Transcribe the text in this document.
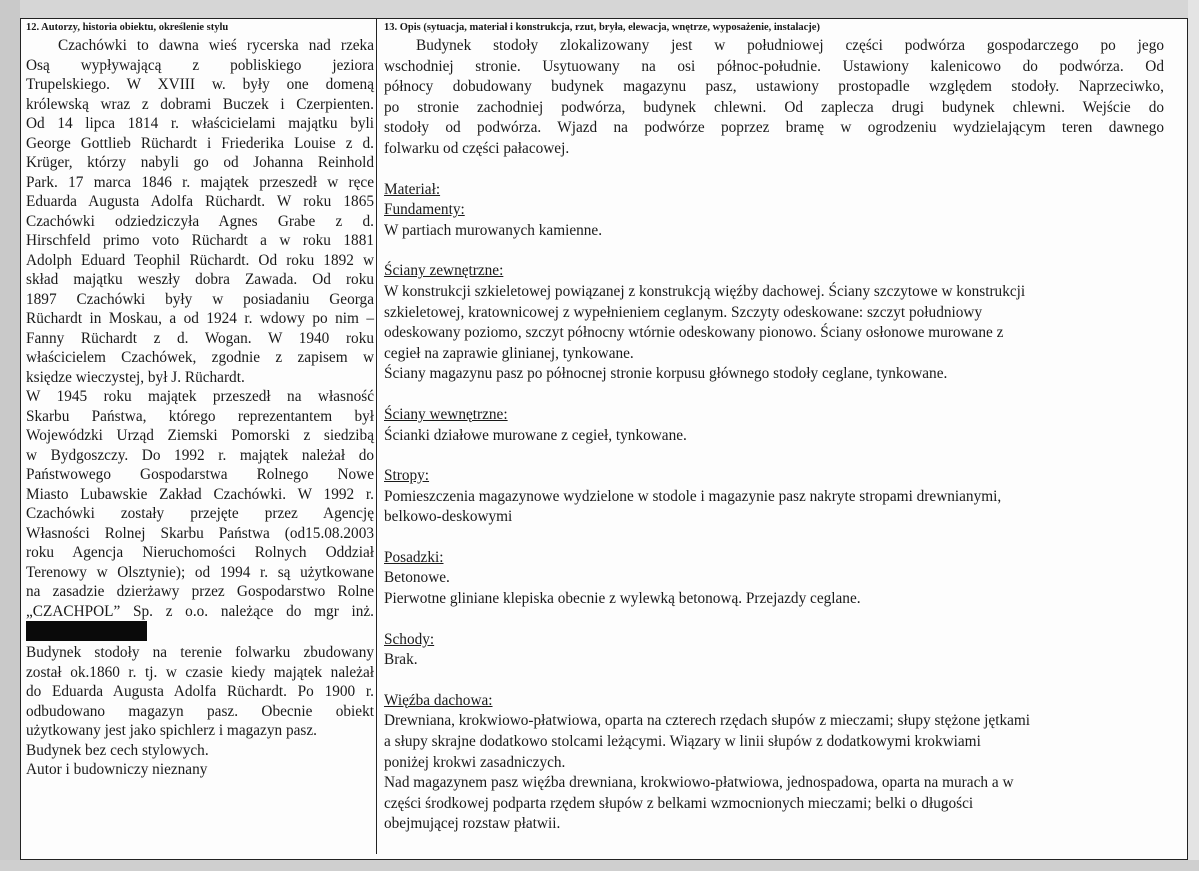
12. Autorzy, historia obiektu, określenie stylu

Czachówki to dawna wieś rycerska nad rzeka
Osą wypływającą z pobliskiego jeziora
Trupelskiego. W XVIII w. były one domeną
królewską wraz z dobrami Buczek i Czerpienten.
Od 14 lipca 1814 r. właścicielami majątku byli
George Gottlieb Rüchardt i Friederika Louise z d.
Krüger, którzy nabyli go od Johanna Reinhold
Park. 17 marca 1846 r. majątek przeszedł w ręce
Eduarda Augusta Adolfa Rüchardt. W roku 1865
Czachówki odziedziczyła Agnes Grabe z d.
Hirschfeld primo voto Rüchardt a w roku 1881
Adolph Eduard Teophil Rüchardt. Od roku 1892 w
skład majątku weszły dobra Zawada. Od roku
1897 Czachówki były w posiadaniu Georga
Rüchardt in Moskau, a od 1924 r. wdowy po nim –
Fanny Rüchardt z d. Wogan. W 1940 roku
właścicielem Czachówek, zgodnie z zapisem w
księdze wieczystej, był J. Rüchardt.
W 1945 roku majątek przeszedł na własność
Skarbu Państwa, którego reprezentantem był
Wojewódzki Urząd Ziemski Pomorski z siedzibą
w Bydgoszczy. Do 1992 r. majątek należał do
Państwowego Gospodarstwa Rolnego Nowe
Miasto Lubawskie Zakład Czachówki. W 1992 r.
Czachówki zostały przejęte przez Agencję
Własności Rolnej Skarbu Państwa (od15.08.2003
roku Agencja Nieruchomości Rolnych Oddział
Terenowy w Olsztynie); od 1994 r. są użytkowane
na zasadzie dzierżawy przez Gospodarstwo Rolne
„CZACHPOL” Sp. z o.o. należące do mgr inż.
Budynek stodoły na terenie folwarku zbudowany
został ok.1860 r. tj. w czasie kiedy majątek należał
do Eduarda Augusta Adolfa Rüchardt. Po 1900 r.
odbudowano magazyn pasz. Obecnie obiekt
użytkowany jest jako spichlerz i magazyn pasz.
Budynek bez cech stylowych.
Autor i budowniczy nieznany

13. Opis (sytuacja, materiał i konstrukcja, rzut, bryła, elewacja, wnętrze, wyposażenie, instalacje)

Budynek stodoły zlokalizowany jest w południowej części podwórza gospodarczego po jego
wschodniej stronie. Usytuowany na osi północ-południe. Ustawiony kalenicowo do podwórza. Od
północy dobudowany budynek magazynu pasz, ustawiony prostopadle względem stodoły. Naprzeciwko,
po stronie zachodniej podwórza, budynek chlewni. Od zaplecza drugi budynek chlewni. Wejście do
stodoły od podwórza. Wjazd na podwórze poprzez bramę w ogrodzeniu wydzielającym teren dawnego
folwarku od części pałacowej.
Materiał:
Fundamenty:
W partiach murowanych kamienne.
Ściany zewnętrzne:
W konstrukcji szkieletowej powiązanej z konstrukcją więźby dachowej. Ściany szczytowe w konstrukcji
szkieletowej, kratownicowej z wypełnieniem ceglanym. Szczyty odeskowane: szczyt południowy
odeskowany poziomo, szczyt północny wtórnie odeskowany pionowo. Ściany osłonowe murowane z
cegieł na zaprawie glinianej, tynkowane.
Ściany magazynu pasz po północnej stronie korpusu głównego stodoły ceglane, tynkowane.
Ściany wewnętrzne:
Ścianki działowe murowane z cegieł, tynkowane.
Stropy:
Pomieszczenia magazynowe wydzielone w stodole i magazynie pasz nakryte stropami drewnianymi,
belkowo-deskowymi
Posadzki:
Betonowe.
Pierwotne gliniane klepiska obecnie z wylewką betonową. Przejazdy ceglane.
Schody:
Brak.
Więźba dachowa:
Drewniana, krokwiowo-płatwiowa, oparta na czterech rzędach słupów z mieczami; słupy stężone jętkami
a słupy skrajne dodatkowo stolcami leżącymi. Wiązary w linii słupów z dodatkowymi krokwiami
poniżej krokwi zasadniczych.
Nad magazynem pasz więźba drewniana, krokwiowo-płatwiowa, jednospadowa, oparta na murach a w
części środkowej podparta rzędem słupów z belkami wzmocnionych mieczami; belki o długości
obejmującej rozstaw płatwii.
